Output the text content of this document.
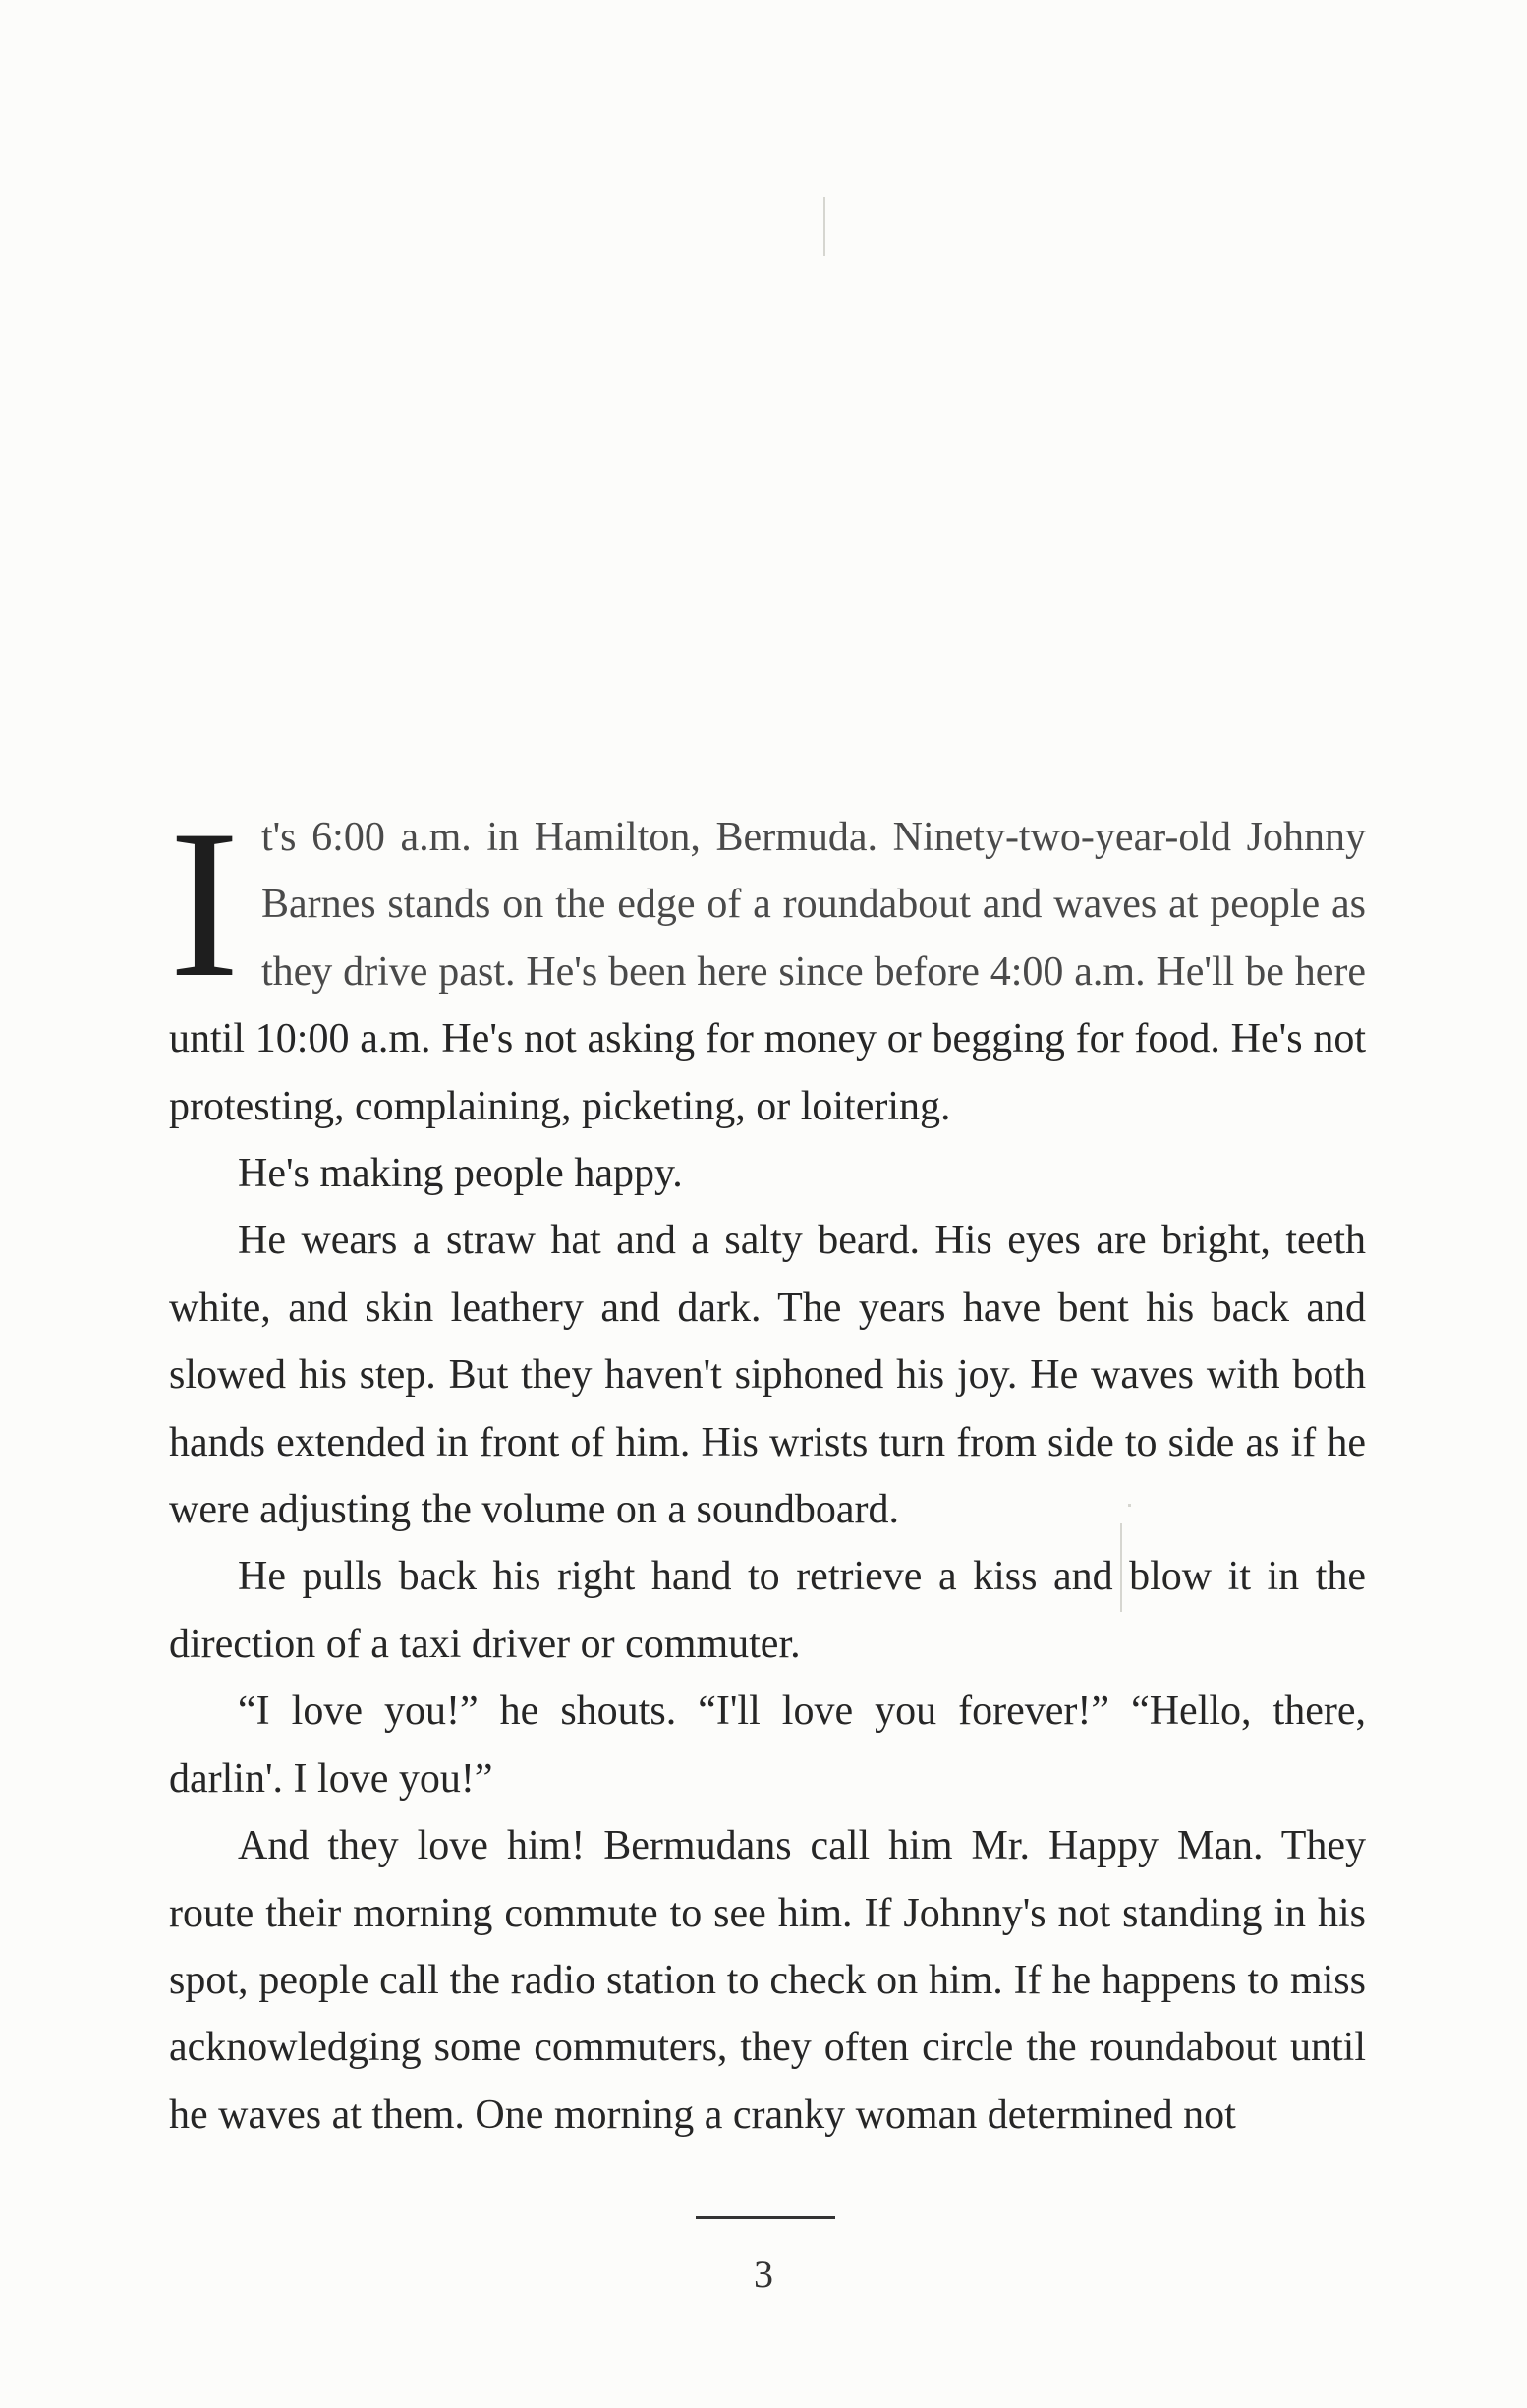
It's 6:00 a.m. in Hamilton, Bermuda. Ninety-two-year-old Johnny Barnes stands on the edge of a roundabout and waves at people as they drive past. He's been here since before 4:00 a.m. He'll be here until 10:00 a.m. He's not asking for money or begging for food. He's not protesting, complaining, picketing, or loitering.

He's making people happy.

He wears a straw hat and a salty beard. His eyes are bright, teeth white, and skin leathery and dark. The years have bent his back and slowed his step. But they haven't siphoned his joy. He waves with both hands extended in front of him. His wrists turn from side to side as if he were adjusting the volume on a soundboard.

He pulls back his right hand to retrieve a kiss and blow it in the direction of a taxi driver or commuter.

“I love you!” he shouts. “I'll love you forever!” “Hello, there, darlin'. I love you!”

And they love him! Bermudans call him Mr. Happy Man. They route their morning commute to see him. If Johnny's not standing in his spot, people call the radio station to check on him. If he happens to miss acknowledging some commuters, they often circle the roundabout until he waves at them. One morning a cranky woman determined not

3
